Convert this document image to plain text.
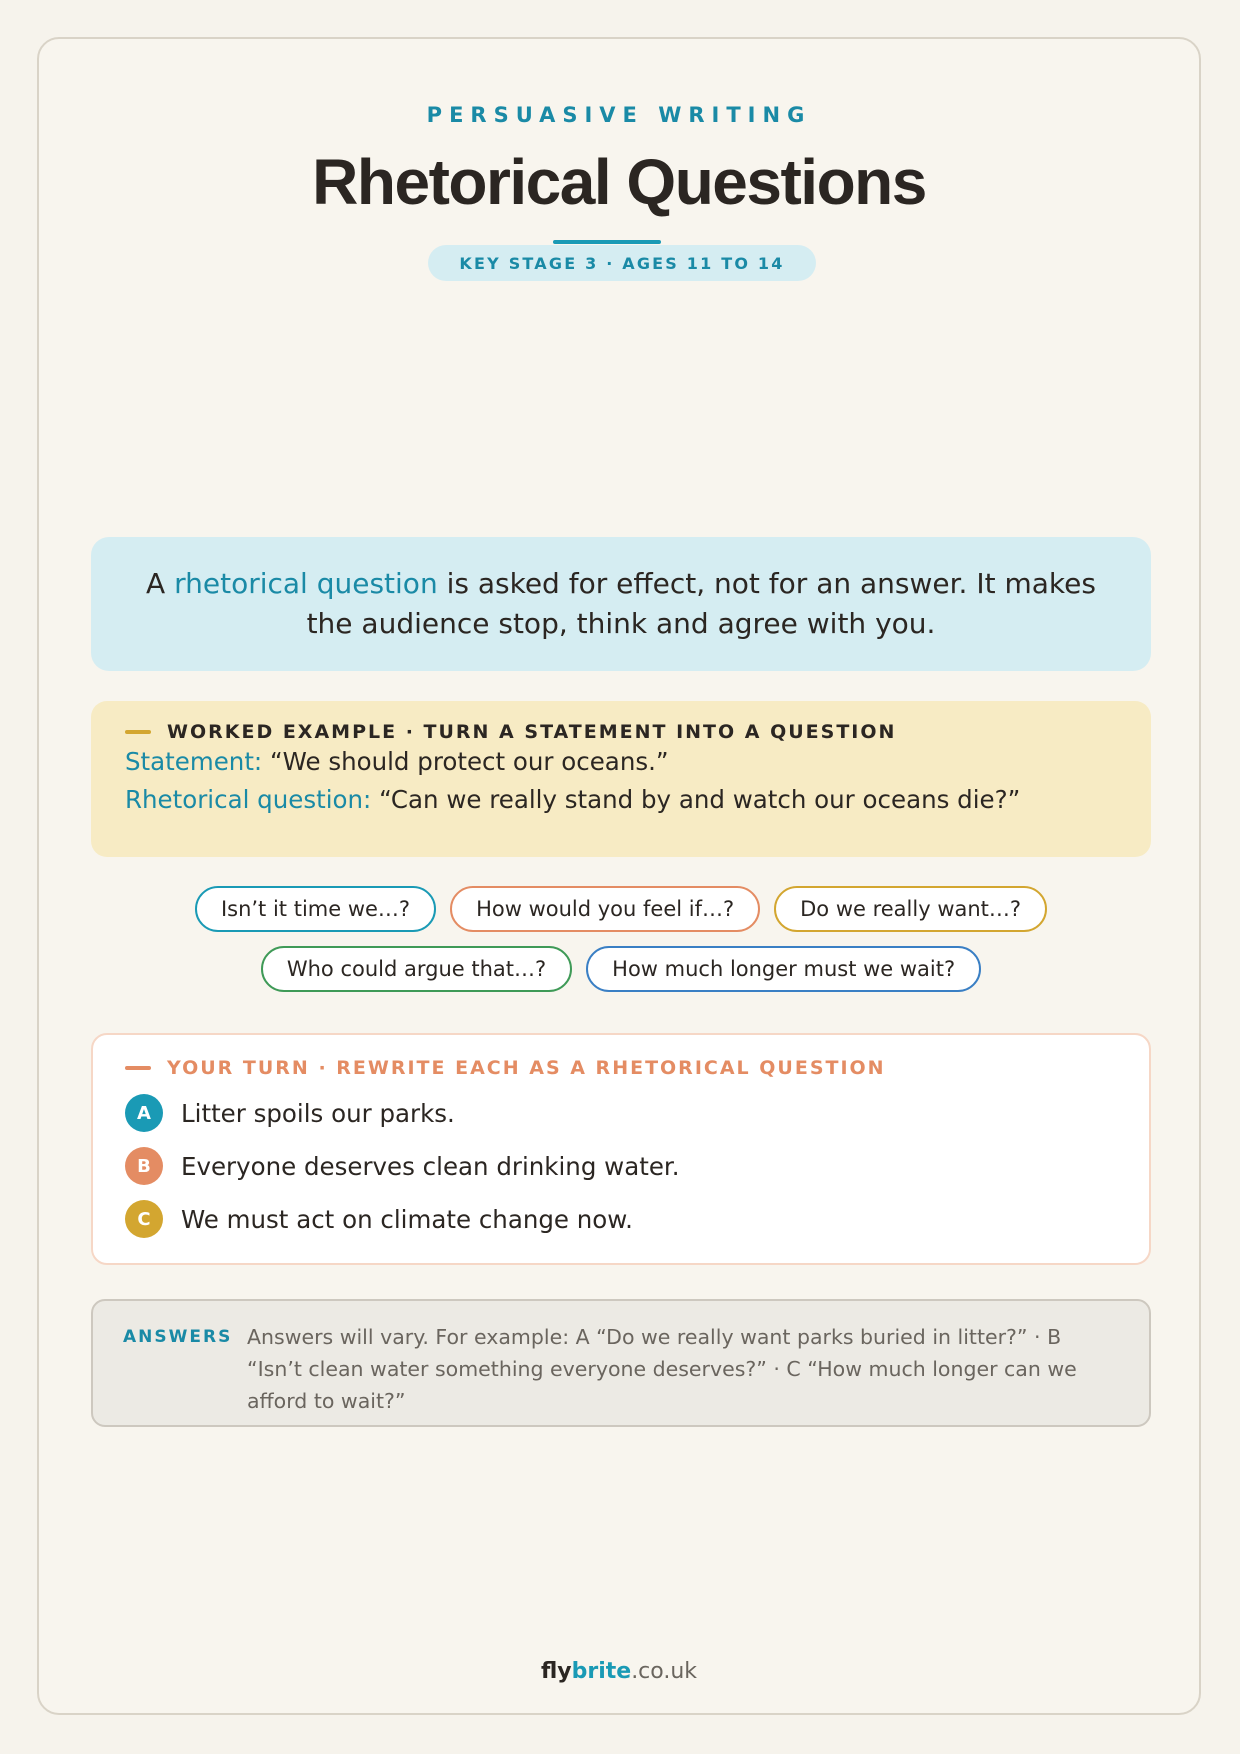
PERSUASIVE WRITING
Rhetorical Questions
KEY STAGE 3 · AGES 11 TO 14
A rhetorical question is asked for effect, not for an answer. It makes the audience stop, think and agree with you.
WORKED EXAMPLE · TURN A STATEMENT INTO A QUESTION
Statement: “We should protect our oceans.”
Rhetorical question: “Can we really stand by and watch our oceans die?”
Isn’t it time we…?	How would you feel if…?	Do we really want…?
Who could argue that…?	How much longer must we wait?
YOUR TURN · REWRITE EACH AS A RHETORICAL QUESTION
A	Litter spoils our parks.
B	Everyone deserves clean drinking water.
C	We must act on climate change now.
ANSWERS Answers will vary. For example: A “Do we really want parks buried in litter?” · B “Isn’t clean water something everyone deserves?” · C “How much longer can we afford to wait?”
flybrite.co.uk
